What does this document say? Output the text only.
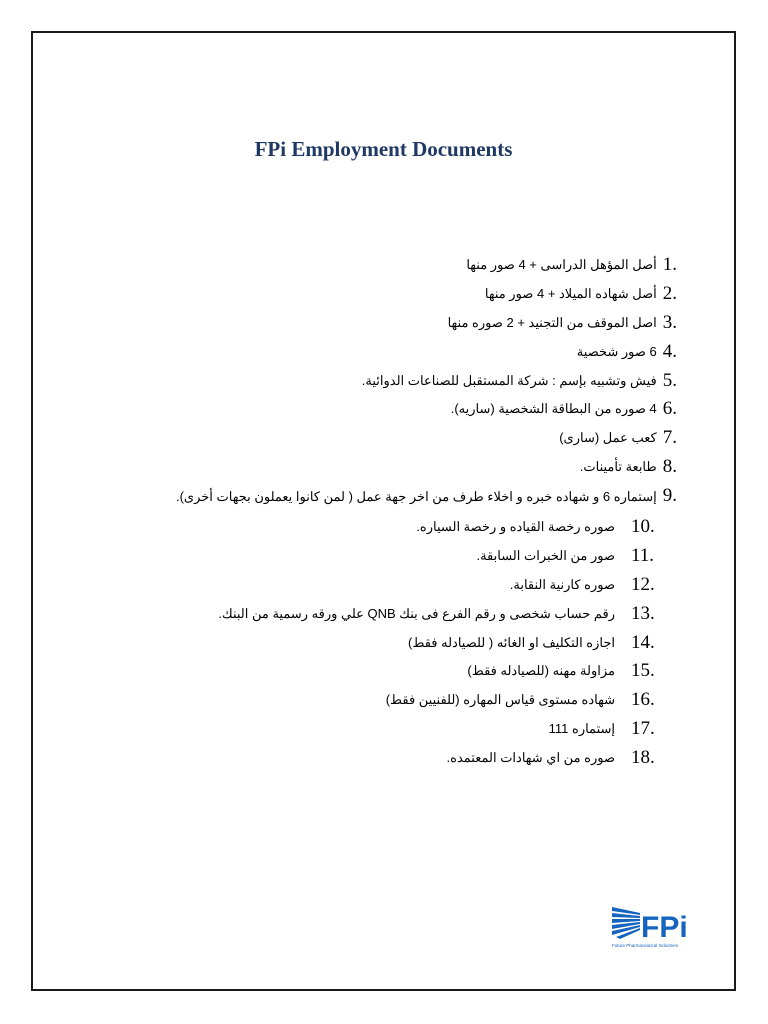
FPi Employment Documents
1.
أصل المؤهل الدراسى + 4 صور منها
2.
أصل شهاده الميلاد + 4 صور منها
3.
اصل الموقف من التجنيد + 2 صوره منها
4.
6 صور شخصية
5.
فيش وتشبيه بإسم : شركة المستقبل للصناعات الدوائية.
6.
4 صوره من البطاقة الشخصية (ساريه).
7.
كعب عمل (سارى)
8.
طابعة تأمينات.
9.
إستماره 6 و شهاده خبره و اخلاء طرف من اخر جهة عمل ( لمن كانوا يعملون بجهات أخرى).
10.
صوره رخصة القياده و رخصة السياره.
11.
صور من الخبرات السابقة.
12.
صوره كارنية النقابة.
13.
رقم حساب شخصى و رقم الفرع فى بنك QNB علي ورقه رسمية من البنك.
14.
اجازه التكليف او الغائه ( للصيادله فقط)
15.
مزاولة مهنه (للصيادله فقط)
16.
شهاده مستوى قياس المهاره (للفنيين فقط)
17.
إستماره 111
18.
صوره من اي شهادات المعتمده.
FPi
Future Pharmaceutical Industries
